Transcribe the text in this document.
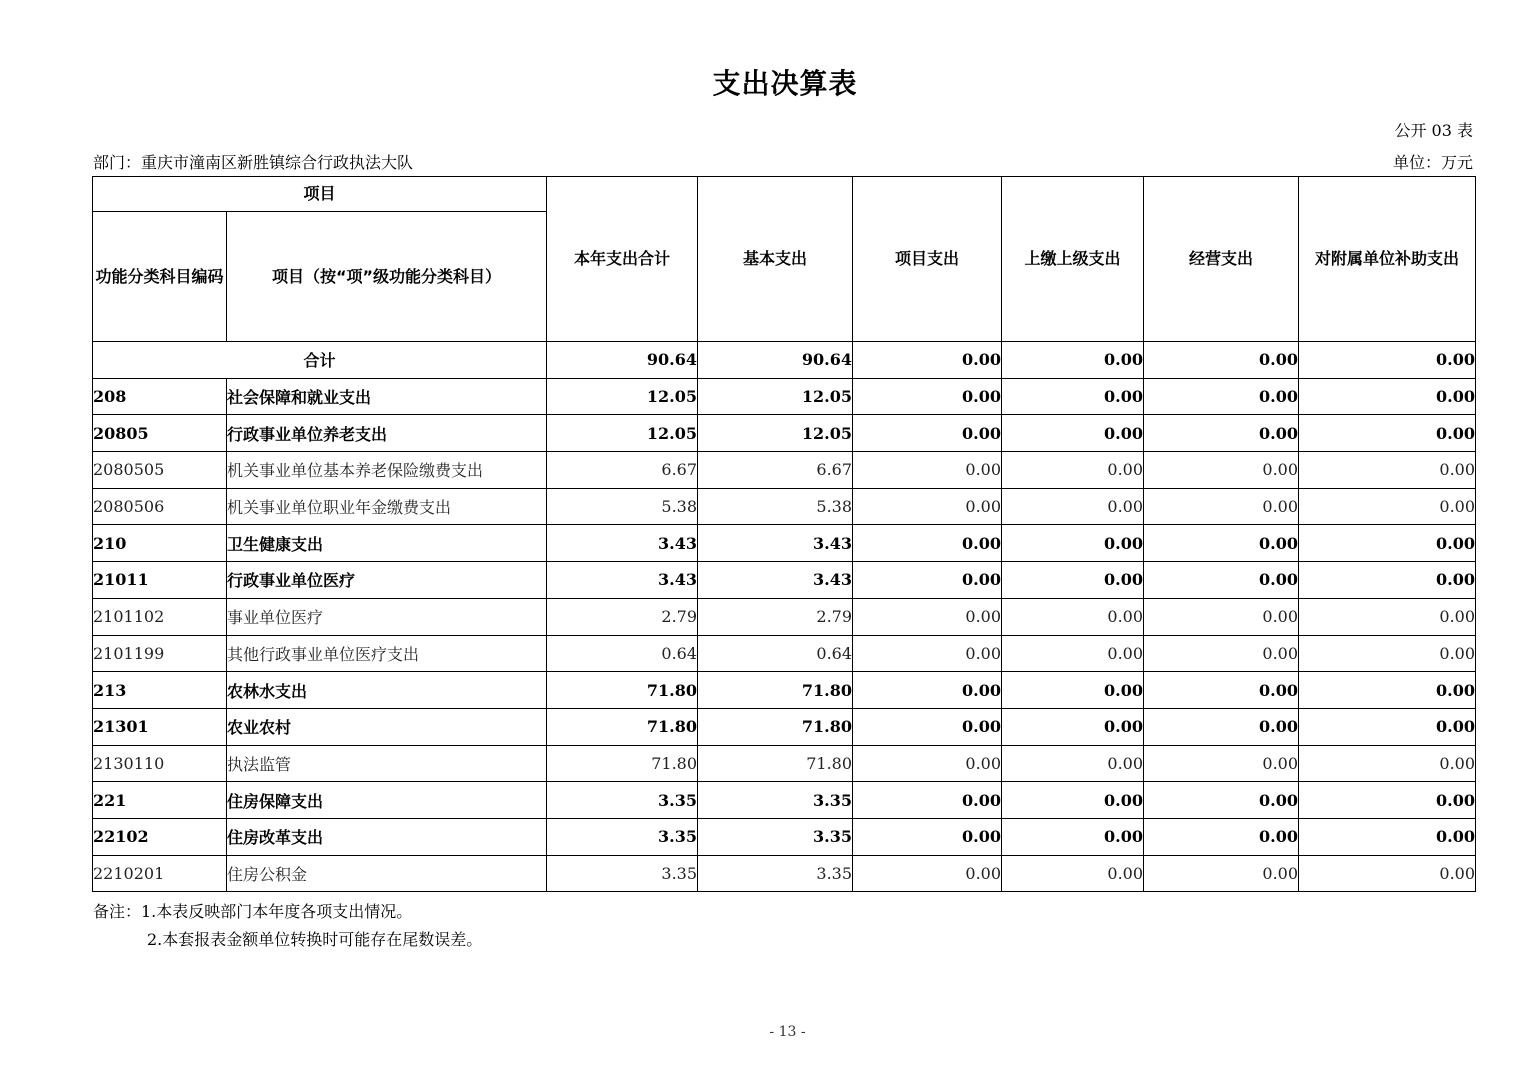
支出决算表
公开 03 表
部门：重庆市潼南区新胜镇综合行政执法大队	单位：万元
项目		本年支出合计	基本支出	项目支出	上缴上级支出	经营支出	对附属单位补助支出
功能分类科目编码	项目（按“项”级功能分类科目）						
合计		90.64	90.64	0.00	0.00	0.00	0.00
208	社会保障和就业支出	12.05	12.05	0.00	0.00	0.00	0.00
20805	行政事业单位养老支出	12.05	12.05	0.00	0.00	0.00	0.00
2080505	机关事业单位基本养老保险缴费支出	6.67	6.67	0.00	0.00	0.00	0.00
2080506	机关事业单位职业年金缴费支出	5.38	5.38	0.00	0.00	0.00	0.00
210	卫生健康支出	3.43	3.43	0.00	0.00	0.00	0.00
21011	行政事业单位医疗	3.43	3.43	0.00	0.00	0.00	0.00
2101102	事业单位医疗	2.79	2.79	0.00	0.00	0.00	0.00
2101199	其他行政事业单位医疗支出	0.64	0.64	0.00	0.00	0.00	0.00
213	农林水支出	71.80	71.80	0.00	0.00	0.00	0.00
21301	农业农村	71.80	71.80	0.00	0.00	0.00	0.00
2130110	执法监管	71.80	71.80	0.00	0.00	0.00	0.00
221	住房保障支出	3.35	3.35	0.00	0.00	0.00	0.00
22102	住房改革支出	3.35	3.35	0.00	0.00	0.00	0.00
2210201	住房公积金	3.35	3.35	0.00	0.00	0.00	0.00
备注：1.本表反映部门本年度各项支出情况。
2.本套报表金额单位转换时可能存在尾数误差。
- 13 -
